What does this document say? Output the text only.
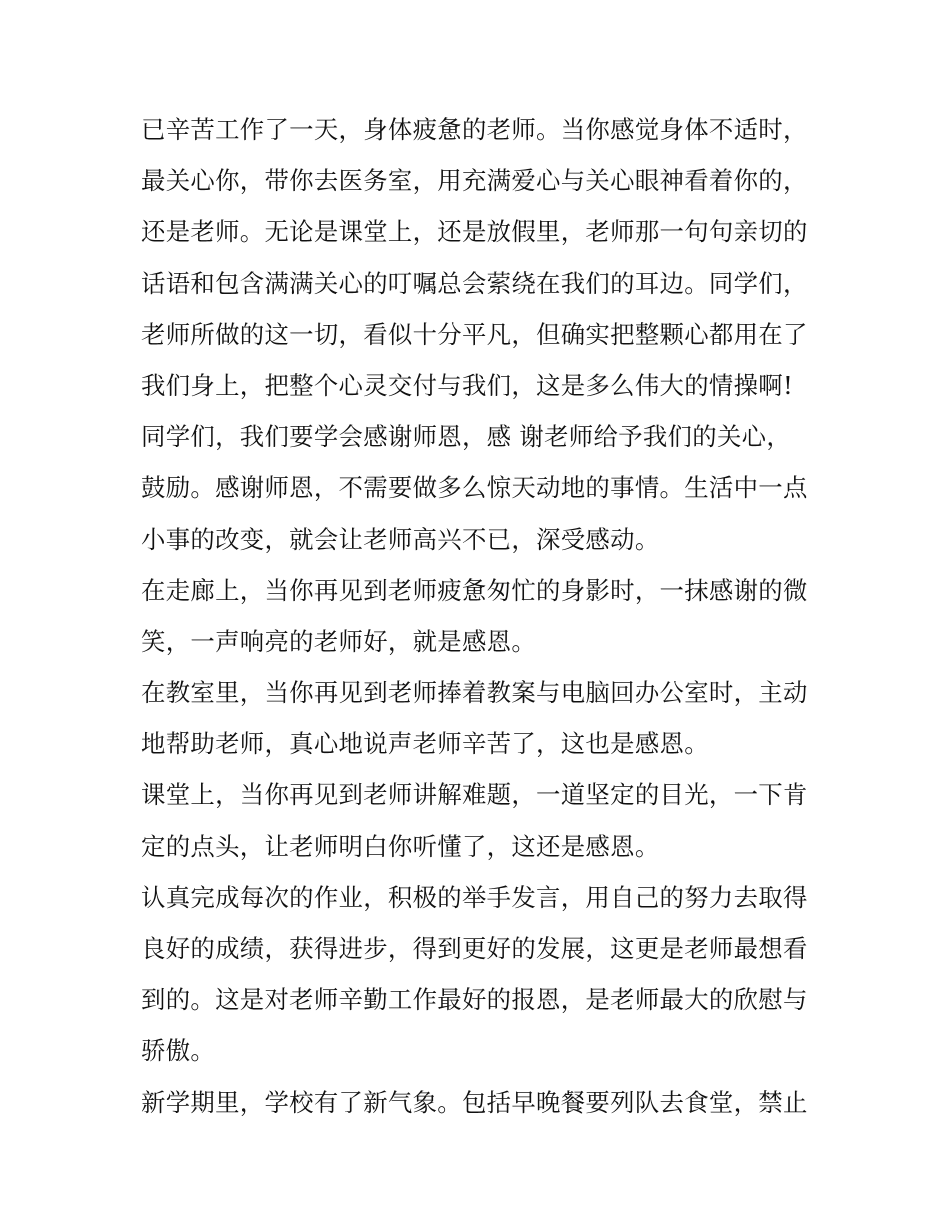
已辛苦工作了一天，身体疲惫的老师。当你感觉身体不适时，
最关心你，带你去医务室，用充满爱心与关心眼神看着你的，
还是老师。无论是课堂上，还是放假里，老师那一句句亲切的
话语和包含满满关心的叮嘱总会萦绕在我们的耳边。同学们，
老师所做的这一切，看似十分平凡，但确实把整颗心都用在了
我们身上，把整个心灵交付与我们，这是多么伟大的情操啊!
同学们，我们要学会感谢师恩，感 谢老师给予我们的关心，
鼓励。感谢师恩，不需要做多么惊天动地的事情。生活中一点
小事的改变，就会让老师高兴不已，深受感动。
在走廊上，当你再见到老师疲惫匆忙的身影时，一抹感谢的微
笑，一声响亮的老师好，就是感恩。
在教室里，当你再见到老师捧着教案与电脑回办公室时，主动
地帮助老师，真心地说声老师辛苦了，这也是感恩。
课堂上，当你再见到老师讲解难题，一道坚定的目光，一下肯
定的点头，让老师明白你听懂了，这还是感恩。
认真完成每次的作业，积极的举手发言，用自己的努力去取得
良好的成绩，获得进步，得到更好的发展，这更是老师最想看
到的。这是对老师辛勤工作最好的报恩，是老师最大的欣慰与
骄傲。
新学期里，学校有了新气象。包括早晚餐要列队去食堂，禁止
